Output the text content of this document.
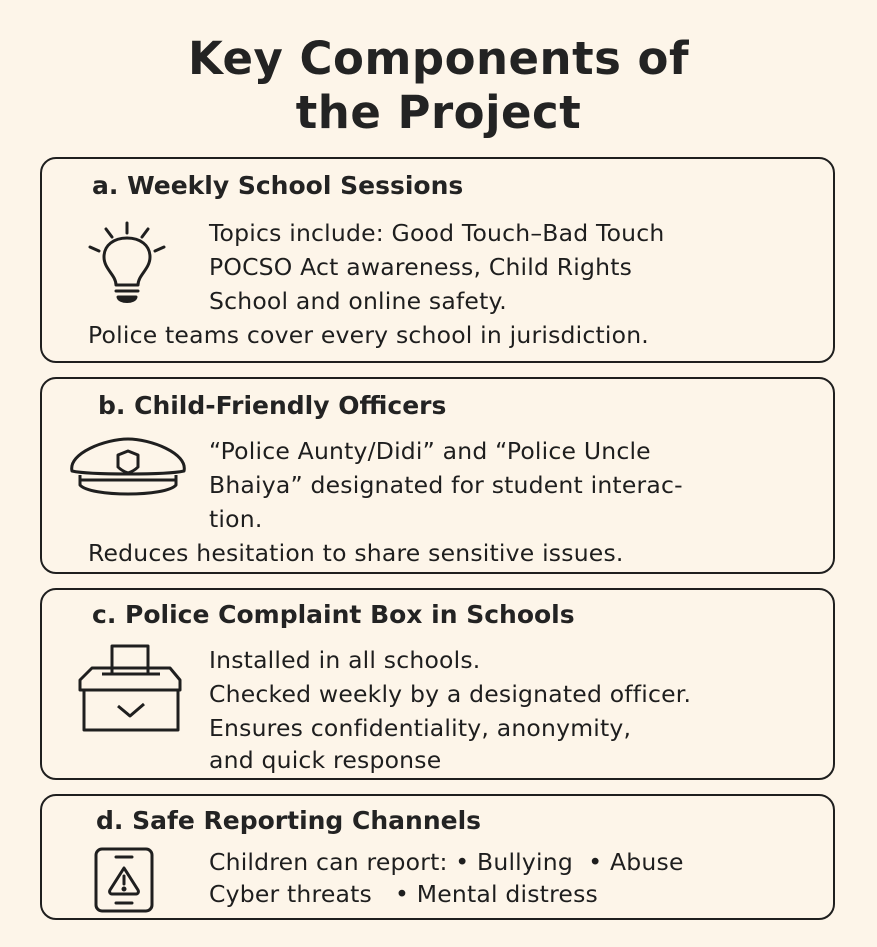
Key Components of
the Project
a. Weekly School Sessions
Topics include: Good Touch–Bad Touch
POCSO Act awareness, Child Rights
School and online safety.
Police teams cover every school in jurisdiction.
b. Child-Friendly Officers
“Police Aunty/Didi” and “Police Uncle
Bhaiya” designated for student interac-
tion.
Reduces hesitation to share sensitive issues.
c. Police Complaint Box in Schools
Installed in all schools.
Checked weekly by a designated officer.
Ensures confidentiality, anonymity,
and quick response
d. Safe Reporting Channels
Children can report: • Bullying  • Abuse
Cyber threats   • Mental distress
